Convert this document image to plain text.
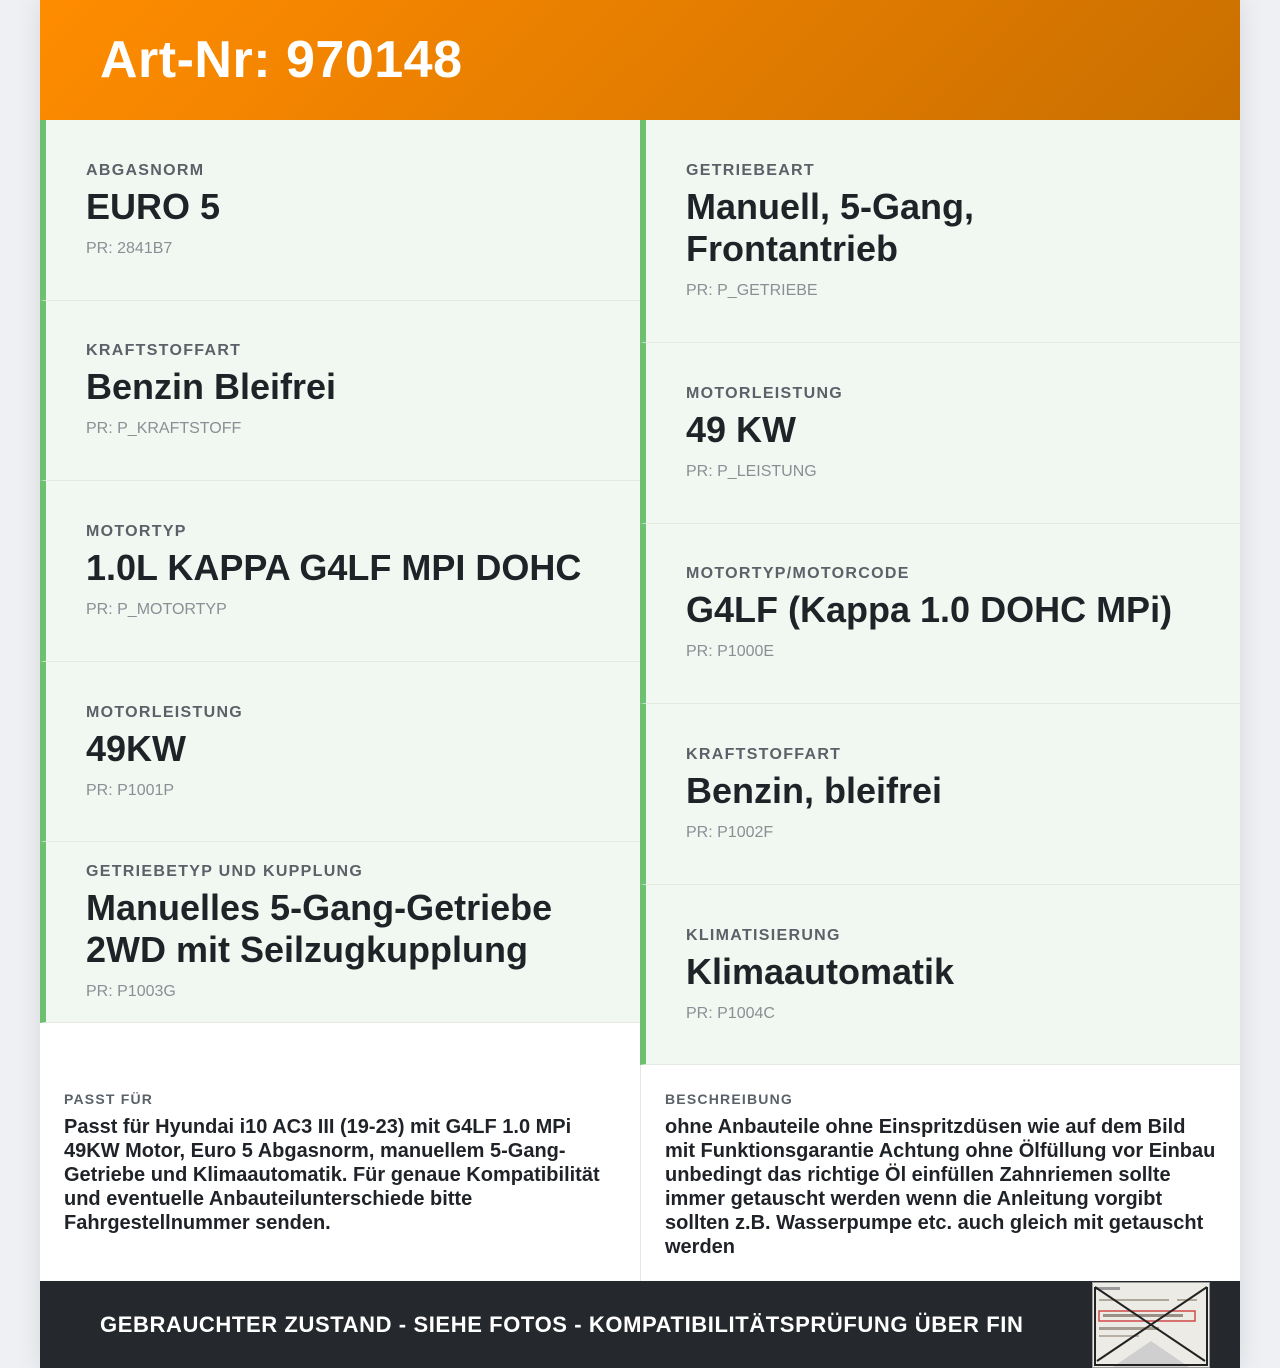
Art-Nr: 970148
ABGASNORM
EURO 5
PR: 2841B7
KRAFTSTOFFART
Benzin Bleifrei
PR: P_KRAFTSTOFF
MOTORTYP
1.0L KAPPA G4LF MPI DOHC
PR: P_MOTORTYP
MOTORLEISTUNG
49KW
PR: P1001P
GETRIEBETYP UND KUPPLUNG
Manuelles 5-Gang-Getriebe 2WD mit Seilzugkupplung
PR: P1003G
GETRIEBEART
Manuell, 5-Gang, Frontantrieb
PR: P_GETRIEBE
MOTORLEISTUNG
49 KW
PR: P_LEISTUNG
MOTORTYP/MOTORCODE
G4LF (Kappa 1.0 DOHC MPi)
PR: P1000E
KRAFTSTOFFART
Benzin, bleifrei
PR: P1002F
KLIMATISIERUNG
Klimaautomatik
PR: P1004C
PASST FÜR
Passt für Hyundai i10 AC3 III (19-23) mit G4LF 1.0 MPi 49KW Motor, Euro 5 Abgasnorm, manuellem 5-Gang-Getriebe und Klimaautomatik. Für genaue Kompatibilität und eventuelle Anbauteilunterschiede bitte Fahrgestellnummer senden.
BESCHREIBUNG
ohne Anbauteile ohne Einspritzdüsen wie auf dem Bild mit Funktionsgarantie Achtung ohne Ölfüllung vor Einbau unbedingt das richtige Öl einfüllen Zahnriemen sollte immer getauscht werden wenn die Anleitung vorgibt sollten z.B. Wasserpumpe etc. auch gleich mit getauscht werden
GEBRAUCHTER ZUSTAND - SIEHE FOTOS - KOMPATIBILITÄTSPRÜFUNG ÜBER FIN
